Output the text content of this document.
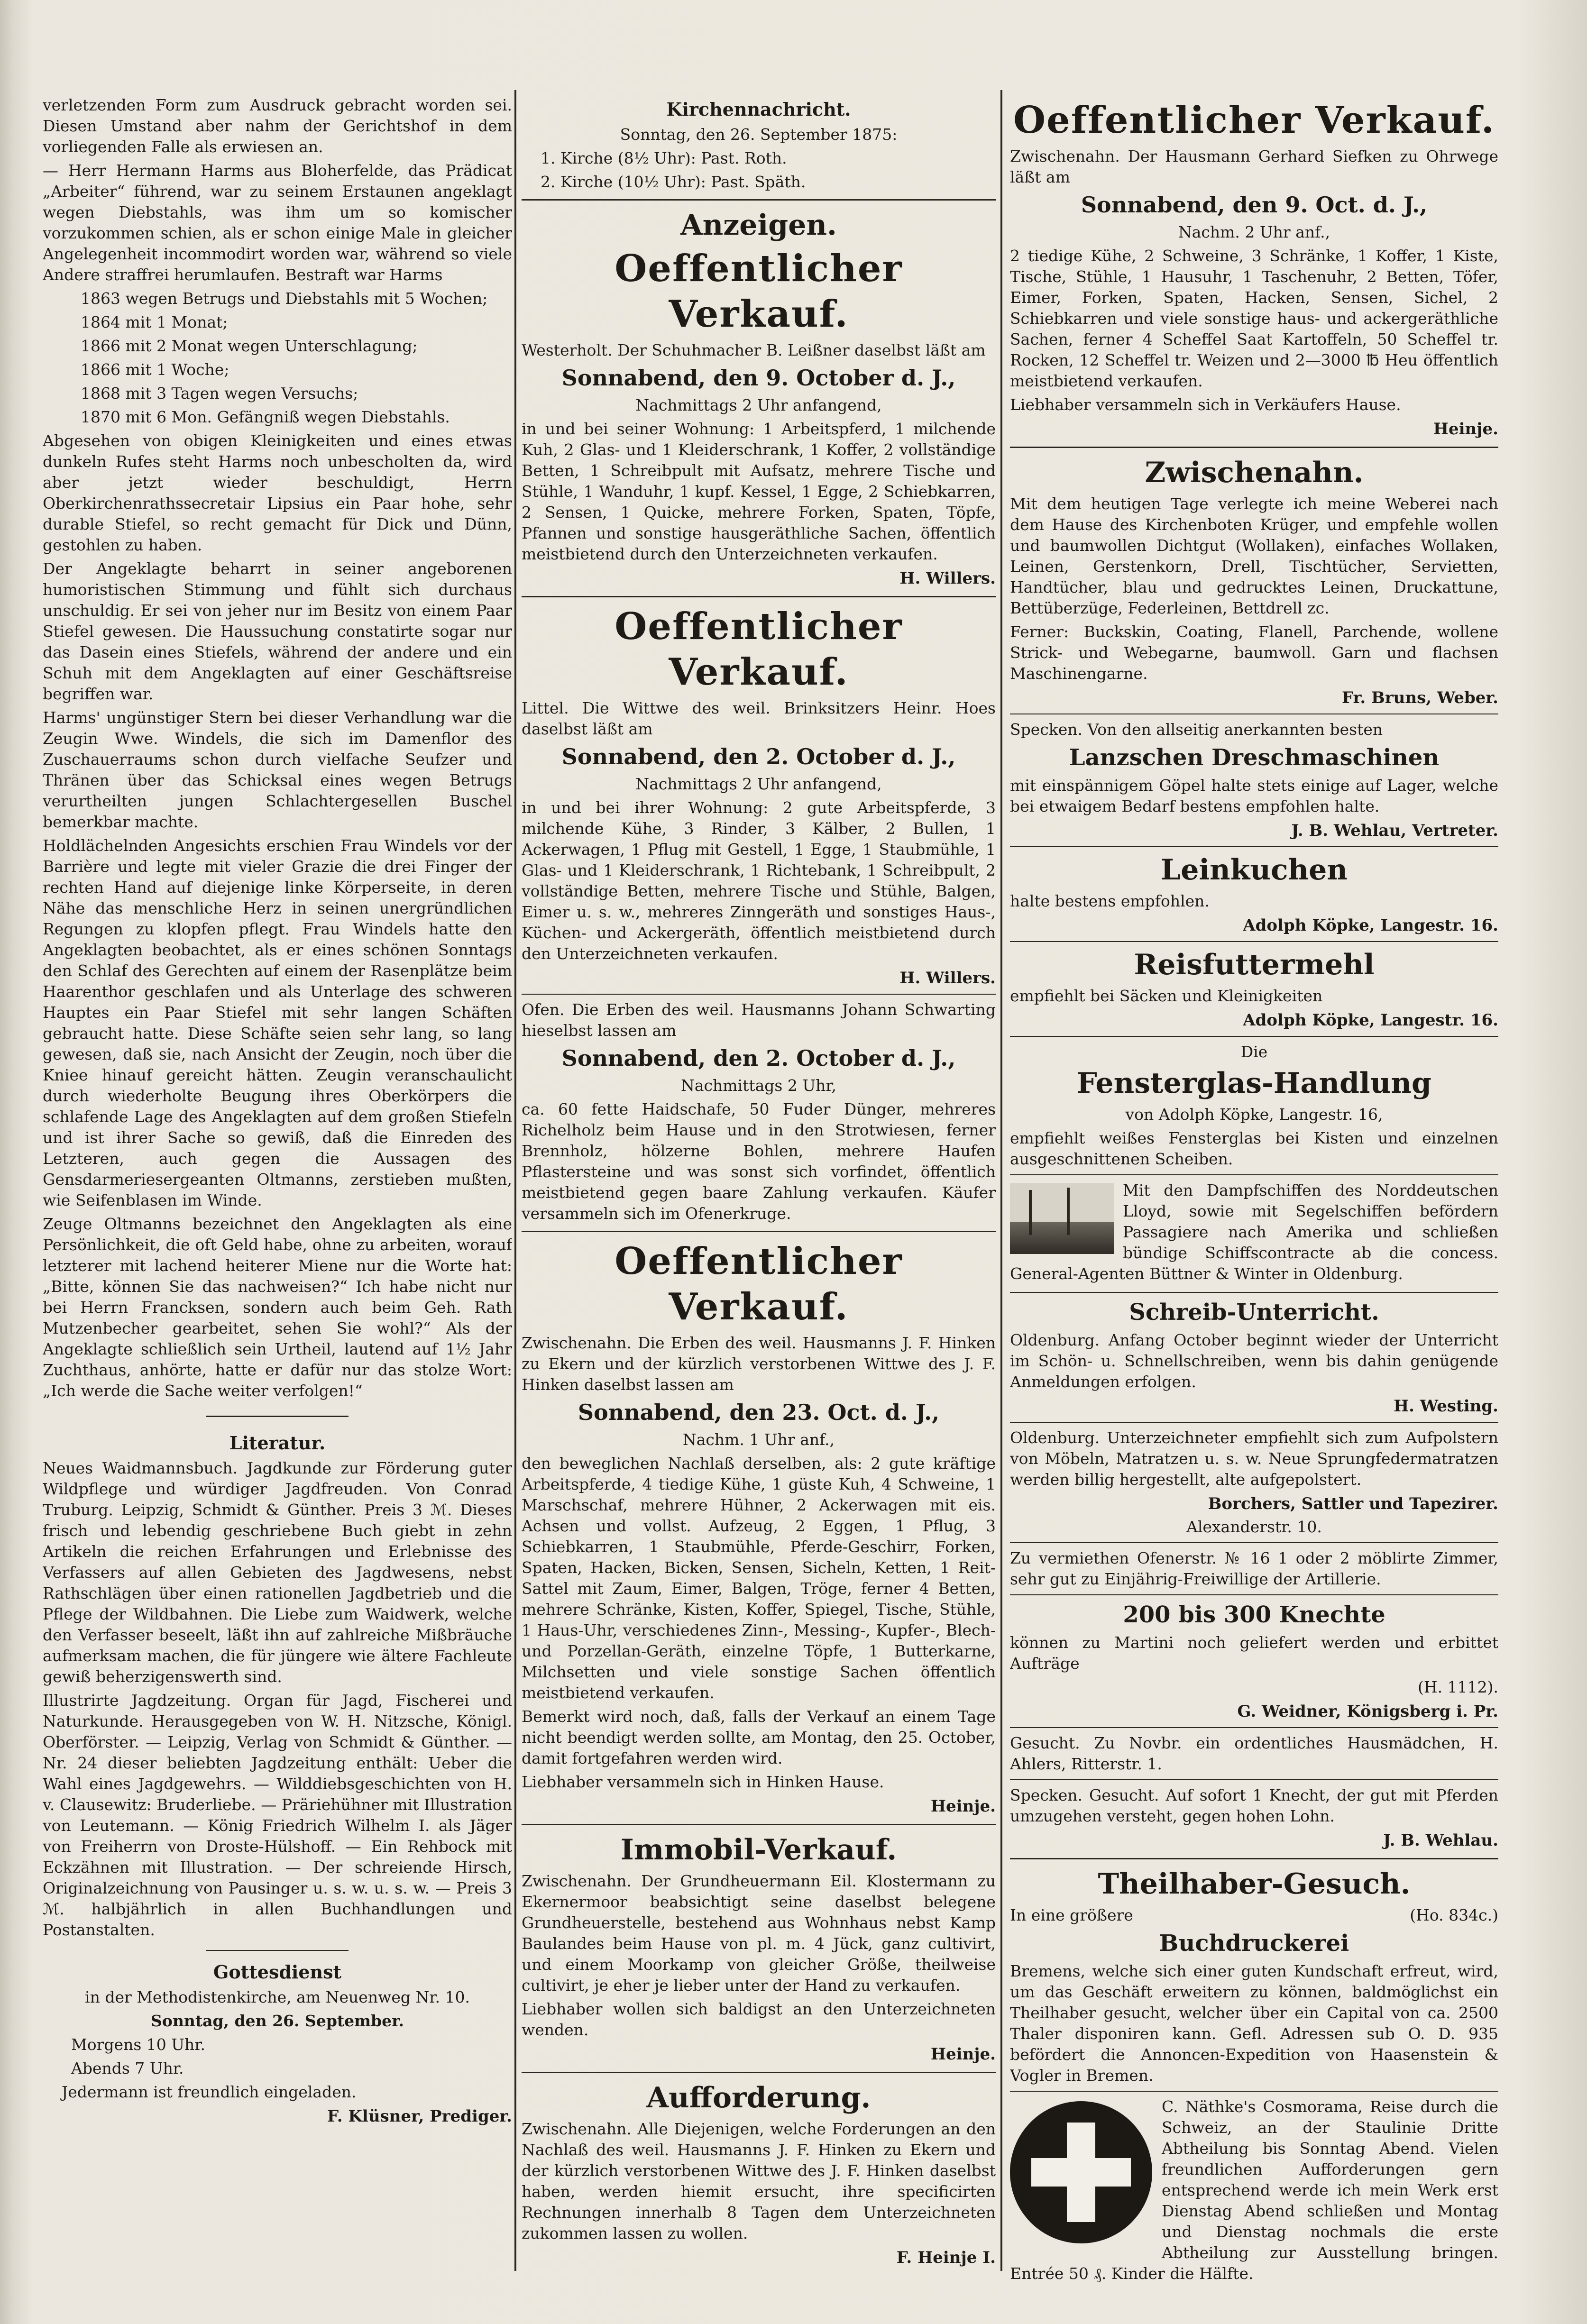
verletzenden Form zum Ausdruck gebracht worden sei. Diesen Umstand aber nahm der Gerichtshof in dem vorliegenden Falle als erwiesen an.

— Herr Hermann Harms aus Bloherfelde, das Prädicat „Arbeiter“ führend, war zu seinem Erstaunen angeklagt wegen Diebstahls, was ihm um so komischer vorzukommen schien, als er schon einige Male in gleicher Angelegenheit incommodirt worden war, während so viele Andere straffrei herumlaufen. Bestraft war Harms

1863 wegen Betrugs und Diebstahls mit 5 Wochen;

1864 mit 1 Monat;

1866 mit 2 Monat wegen Unterschlagung;

1866 mit 1 Woche;

1868 mit 3 Tagen wegen Versuchs;

1870 mit 6 Mon. Gefängniß wegen Diebstahls.

Abgesehen von obigen Kleinigkeiten und eines etwas dunkeln Rufes steht Harms noch unbescholten da, wird aber jetzt wieder beschuldigt, Herrn Oberkirchenrathssecretair Lipsius ein Paar hohe, sehr durable Stiefel, so recht gemacht für Dick und Dünn, gestohlen zu haben.

Der Angeklagte beharrt in seiner angeborenen humoristischen Stimmung und fühlt sich durchaus unschuldig. Er sei von jeher nur im Besitz von einem Paar Stiefel gewesen. Die Haussuchung constatirte sogar nur das Dasein eines Stiefels, während der andere und ein Schuh mit dem Angeklagten auf einer Geschäftsreise begriffen war.

Harms' ungünstiger Stern bei dieser Verhandlung war die Zeugin Wwe. Windels, die sich im Damenflor des Zuschauerraums schon durch vielfache Seufzer und Thränen über das Schicksal eines wegen Betrugs verurtheilten jungen Schlachtergesellen Buschel bemerkbar machte.

Holdlächelnden Angesichts erschien Frau Windels vor der Barrière und legte mit vieler Grazie die drei Finger der rechten Hand auf diejenige linke Körperseite, in deren Nähe das menschliche Herz in seinen unergründlichen Regungen zu klopfen pflegt. Frau Windels hatte den Angeklagten beobachtet, als er eines schönen Sonntags den Schlaf des Gerechten auf einem der Rasenplätze beim Haarenthor geschlafen und als Unterlage des schweren Hauptes ein Paar Stiefel mit sehr langen Schäften gebraucht hatte. Diese Schäfte seien sehr lang, so lang gewesen, daß sie, nach Ansicht der Zeugin, noch über die Kniee hinauf gereicht hätten. Zeugin veranschaulicht durch wiederholte Beugung ihres Oberkörpers die schlafende Lage des Angeklagten auf dem großen Stiefeln und ist ihrer Sache so gewiß, daß die Einreden des Letzteren, auch gegen die Aussagen des Gensdarmeriesergeanten Oltmanns, zerstieben mußten, wie Seifenblasen im Winde.

Zeuge Oltmanns bezeichnet den Angeklagten als eine Persönlichkeit, die oft Geld habe, ohne zu arbeiten, worauf letzterer mit lachend heiterer Miene nur die Worte hat: „Bitte, können Sie das nachweisen?“ Ich habe nicht nur bei Herrn Francksen, sondern auch beim Geh. Rath Mutzenbecher gearbeitet, sehen Sie wohl?“ Als der Angeklagte schließlich sein Urtheil, lautend auf 1½ Jahr Zuchthaus, anhörte, hatte er dafür nur das stolze Wort: „Ich werde die Sache weiter verfolgen!“

Literatur.

Neues Waidmannsbuch. Jagdkunde zur Förderung guter Wildpflege und würdiger Jagdfreuden. Von Conrad Truburg. Leipzig, Schmidt & Günther. Preis 3 ℳ. Dieses frisch und lebendig geschriebene Buch giebt in zehn Artikeln die reichen Erfahrungen und Erlebnisse des Verfassers auf allen Gebieten des Jagdwesens, nebst Rathschlägen über einen rationellen Jagdbetrieb und die Pflege der Wildbahnen. Die Liebe zum Waidwerk, welche den Verfasser beseelt, läßt ihn auf zahlreiche Mißbräuche aufmerksam machen, die für jüngere wie ältere Fachleute gewiß beherzigenswerth sind.

Illustrirte Jagdzeitung. Organ für Jagd, Fischerei und Naturkunde. Herausgegeben von W. H. Nitzsche, Königl. Oberförster. — Leipzig, Verlag von Schmidt & Günther. — Nr. 24 dieser beliebten Jagdzeitung enthält: Ueber die Wahl eines Jagdgewehrs. — Wilddiebsgeschichten von H. v. Clausewitz: Bruderliebe. — Präriehühner mit Illustration von Leutemann. — König Friedrich Wilhelm I. als Jäger von Freiherrn von Droste-Hülshoff. — Ein Rehbock mit Eckzähnen mit Illustration. — Der schreiende Hirsch, Originalzeichnung von Pausinger u. s. w. u. s. w. — Preis 3 ℳ. halbjährlich in allen Buchhandlungen und Postanstalten.

Gottesdienst

in der Methodistenkirche, am Neuenweg Nr. 10.

Sonntag, den 26. September.

Morgens 10 Uhr.

Abends 7 Uhr.

Jedermann ist freundlich eingeladen.

F. Klüsner, Prediger.
Kirchennachricht.

Sonntag, den 26. September 1875:

1. Kirche (8½ Uhr): Past. Roth.

2. Kirche (10½ Uhr): Past. Späth.

Anzeigen.
Oeffentlicher Verkauf.

Westerholt. Der Schuhmacher B. Leißner daselbst läßt am

Sonnabend, den 9. October d. J.,

Nachmittags 2 Uhr anfangend,

in und bei seiner Wohnung: 1 Arbeitspferd, 1 milchende Kuh, 2 Glas- und 1 Kleiderschrank, 1 Koffer, 2 vollständige Betten, 1 Schreibpult mit Aufsatz, mehrere Tische und Stühle, 1 Wanduhr, 1 kupf. Kessel, 1 Egge, 2 Schiebkarren, 2 Sensen, 1 Quicke, mehrere Forken, Spaten, Töpfe, Pfannen und sonstige hausgeräthliche Sachen, öffentlich meistbietend durch den Unterzeichneten verkaufen.

H. Willers.
Oeffentlicher Verkauf.

Littel. Die Wittwe des weil. Brinksitzers Heinr. Hoes daselbst läßt am

Sonnabend, den 2. October d. J.,

Nachmittags 2 Uhr anfangend,

in und bei ihrer Wohnung: 2 gute Arbeitspferde, 3 milchende Kühe, 3 Rinder, 3 Kälber, 2 Bullen, 1 Ackerwagen, 1 Pflug mit Gestell, 1 Egge, 1 Staubmühle, 1 Glas- und 1 Kleiderschrank, 1 Richtebank, 1 Schreibpult, 2 vollständige Betten, mehrere Tische und Stühle, Balgen, Eimer u. s. w., mehreres Zinngeräth und sonstiges Haus-, Küchen- und Ackergeräth, öffentlich meistbietend durch den Unterzeichneten verkaufen.

H. Willers.

Ofen. Die Erben des weil. Hausmanns Johann Schwarting hieselbst lassen am

Sonnabend, den 2. October d. J.,

Nachmittags 2 Uhr,

ca. 60 fette Haidschafe, 50 Fuder Dünger, mehreres Richelholz beim Hause und in den Strotwiesen, ferner Brennholz, hölzerne Bohlen, mehrere Haufen Pflastersteine und was sonst sich vorfindet, öffentlich meistbietend gegen baare Zahlung verkaufen. Käufer versammeln sich im Ofenerkruge.

Oeffentlicher Verkauf.

Zwischenahn. Die Erben des weil. Hausmanns J. F. Hinken zu Ekern und der kürzlich verstorbenen Wittwe des J. F. Hinken daselbst lassen am

Sonnabend, den 23. Oct. d. J.,

Nachm. 1 Uhr anf.,

den beweglichen Nachlaß derselben, als: 2 gute kräftige Arbeitspferde, 4 tiedige Kühe, 1 güste Kuh, 4 Schweine, 1 Marschschaf, mehrere Hühner, 2 Ackerwagen mit eis. Achsen und vollst. Aufzeug, 2 Eggen, 1 Pflug, 3 Schiebkarren, 1 Staubmühle, Pferde-Geschirr, Forken, Spaten, Hacken, Bicken, Sensen, Sicheln, Ketten, 1 Reit-Sattel mit Zaum, Eimer, Balgen, Tröge, ferner 4 Betten, mehrere Schränke, Kisten, Koffer, Spiegel, Tische, Stühle, 1 Haus-Uhr, verschiedenes Zinn-, Messing-, Kupfer-, Blech- und Porzellan-Geräth, einzelne Töpfe, 1 Butterkarne, Milchsetten und viele sonstige Sachen öffentlich meistbietend verkaufen.

Bemerkt wird noch, daß, falls der Verkauf an einem Tage nicht beendigt werden sollte, am Montag, den 25. October, damit fortgefahren werden wird.

Liebhaber versammeln sich in Hinken Hause.

Heinje.
Immobil-Verkauf.

Zwischenahn. Der Grundheuermann Eil. Klostermann zu Ekernermoor beabsichtigt seine daselbst belegene Grundheuerstelle, bestehend aus Wohnhaus nebst Kamp Baulandes beim Hause von pl. m. 4 Jück, ganz cultivirt, und einem Moorkamp von gleicher Größe, theilweise cultivirt, je eher je lieber unter der Hand zu verkaufen.

Liebhaber wollen sich baldigst an den Unterzeichneten wenden.

Heinje.
Aufforderung.

Zwischenahn. Alle Diejenigen, welche Forderungen an den Nachlaß des weil. Hausmanns J. F. Hinken zu Ekern und der kürzlich verstorbenen Wittwe des J. F. Hinken daselbst haben, werden hiemit ersucht, ihre specificirten Rechnungen innerhalb 8 Tagen dem Unterzeichneten zukommen lassen zu wollen.

F. Heinje I.
Oeffentlicher Verkauf.

Zwischenahn. Der Hausmann Gerhard Siefken zu Ohrwege läßt am

Sonnabend, den 9. Oct. d. J.,

Nachm. 2 Uhr anf.,

2 tiedige Kühe, 2 Schweine, 3 Schränke, 1 Koffer, 1 Kiste, Tische, Stühle, 1 Hausuhr, 1 Taschenuhr, 2 Betten, Töfer, Eimer, Forken, Spaten, Hacken, Sensen, Sichel, 2 Schiebkarren und viele sonstige haus- und ackergeräthliche Sachen, ferner 4 Scheffel Saat Kartoffeln, 50 Scheffel tr. Rocken, 12 Scheffel tr. Weizen und 2—3000 ℔ Heu öffentlich meistbietend verkaufen.

Liebhaber versammeln sich in Verkäufers Hause.

Heinje.
Zwischenahn.

Mit dem heutigen Tage verlegte ich meine Weberei nach dem Hause des Kirchenboten Krüger, und empfehle wollen und baumwollen Dichtgut (Wollaken), einfaches Wollaken, Leinen, Gerstenkorn, Drell, Tischtücher, Servietten, Handtücher, blau und gedrucktes Leinen, Druckattune, Bettüberzüge, Federleinen, Bettdrell zc.

Ferner: Buckskin, Coating, Flanell, Parchende, wollene Strick- und Webegarne, baumwoll. Garn und flachsen Maschinengarne.

Fr. Bruns, Weber.

Specken. Von den allseitig anerkannten besten

Lanzschen Dreschmaschinen

mit einspännigem Göpel halte stets einige auf Lager, welche bei etwaigem Bedarf bestens empfohlen halte.

J. B. Wehlau, Vertreter.
Leinkuchen

halte bestens empfohlen.

Adolph Köpke, Langestr. 16.
Reisfuttermehl

empfiehlt bei Säcken und Kleinigkeiten

Adolph Köpke, Langestr. 16.

Die

Fensterglas-Handlung

von Adolph Köpke, Langestr. 16,

empfiehlt weißes Fensterglas bei Kisten und einzelnen ausgeschnittenen Scheiben.

Mit den Dampfschiffen des Norddeutschen Lloyd, sowie mit Segelschiffen befördern Passagiere nach Amerika und schließen bündige Schiffscontracte ab die concess. General-Agenten Büttner & Winter in Oldenburg.

Schreib-Unterricht.

Oldenburg. Anfang October beginnt wieder der Unterricht im Schön- u. Schnellschreiben, wenn bis dahin genügende Anmeldungen erfolgen.

H. Westing.

Oldenburg. Unterzeichneter empfiehlt sich zum Aufpolstern von Möbeln, Matratzen u. s. w. Neue Sprungfedermatratzen werden billig hergestellt, alte aufgepolstert.

Borchers, Sattler und Tapezirer.

Alexanderstr. 10.

Zu vermiethen Ofenerstr. № 16 1 oder 2 möblirte Zimmer, sehr gut zu Einjährig-Freiwillige der Artillerie.

200 bis 300 Knechte

können zu Martini noch geliefert werden und erbittet Aufträge

(H. 1112).

G. Weidner, Königsberg i. Pr.

Gesucht. Zu Novbr. ein ordentliches Hausmädchen, H. Ahlers, Ritterstr. 1.

Specken. Gesucht. Auf sofort 1 Knecht, der gut mit Pferden umzugehen versteht, gegen hohen Lohn.

J. B. Wehlau.
Theilhaber-Gesuch.

In eine größere	(Ho. 834c.)

Buchdruckerei

Bremens, welche sich einer guten Kundschaft erfreut, wird, um das Geschäft erweitern zu können, baldmöglichst ein Theilhaber gesucht, welcher über ein Capital von ca. 2500 Thaler disponiren kann. Gefl. Adressen sub O. D. 935 befördert die Annoncen-Expedition von Haasenstein & Vogler in Bremen.

C. Näthke's Cosmorama, Reise durch die Schweiz, an der Staulinie Dritte Abtheilung bis Sonntag Abend. Vielen freundlichen Aufforderungen gern entsprechend werde ich mein Werk erst Dienstag Abend schließen und Montag und Dienstag nochmals die erste Abtheilung zur Ausstellung bringen. Entrée 50 ₰. Kinder die Hälfte.
